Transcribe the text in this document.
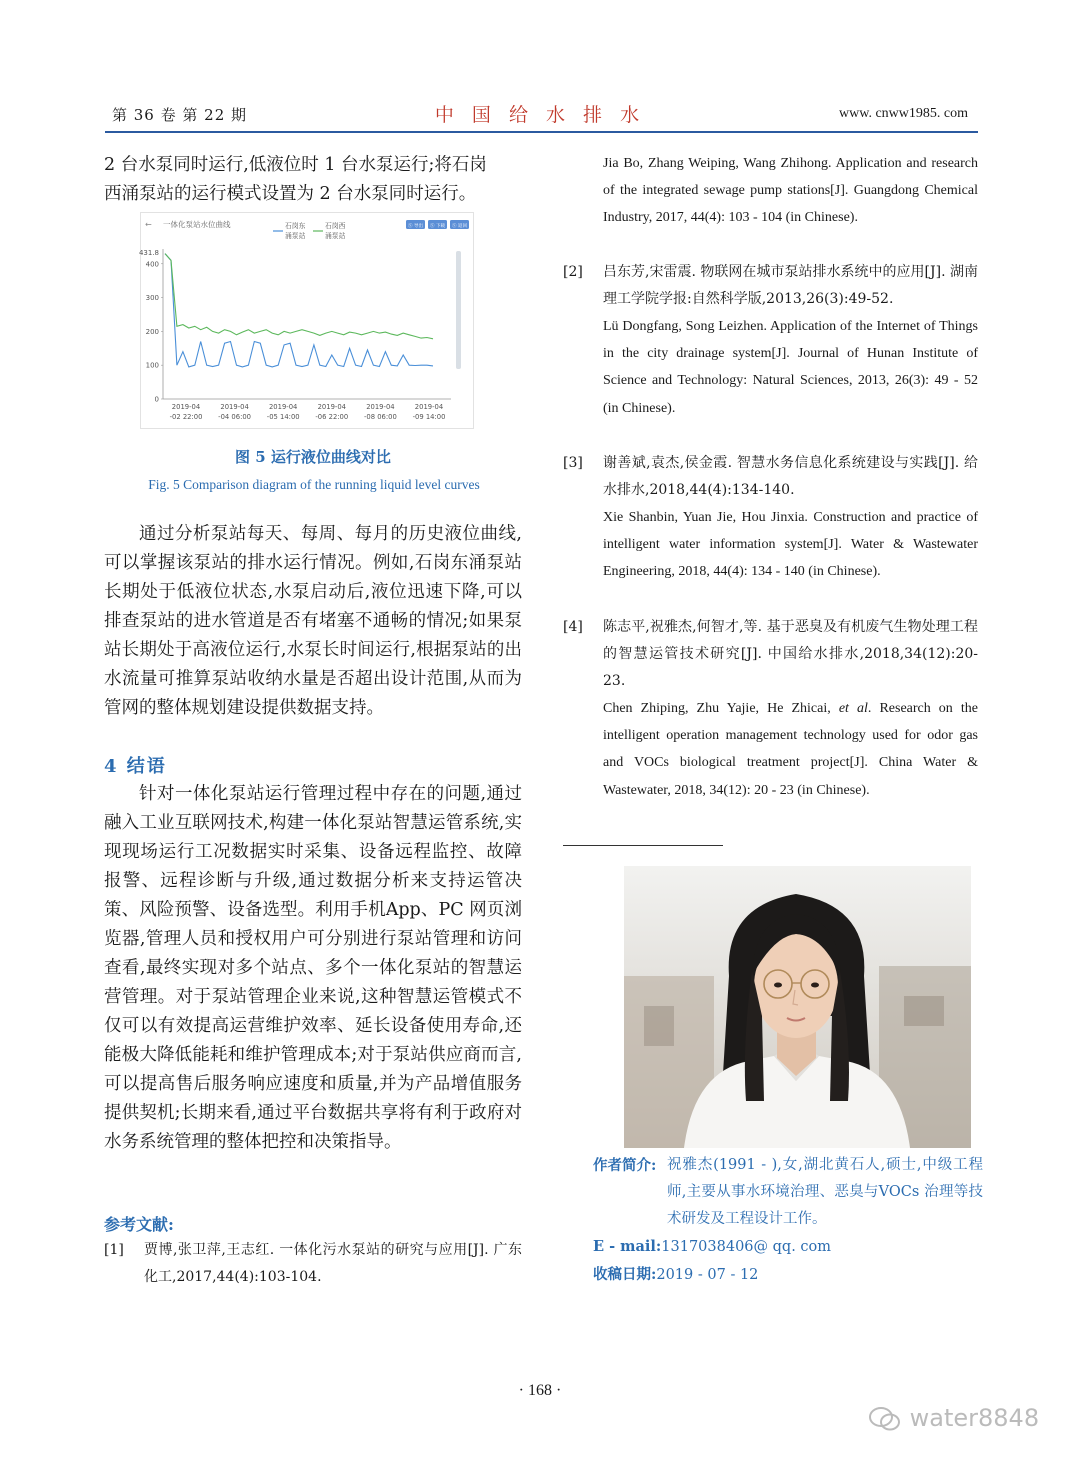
第 36 卷 第 22 期	中 国 给 水 排 水	www. cnww1985. com
2 台水泵同时运行,低液位时 1 台水泵运行;将石岗
西涌泵站的运行模式设置为 2 台水泵同时运行。
← 一体化泵站水位曲线	石岗东
涌泵站
石岗西
涌泵站
Ⓢ 导出 Ⓢ 下载 Ⓢ 返回
431.8
400
300
200
100
0
2019-04
-02 22:00
2019-04
-04 06:00
2019-04
-05 14:00
2019-04
-06 22:00
2019-04
-08 06:00
2019-04
-09 14:00
图 5 运行液位曲线对比
Fig. 5 Comparison diagram of the running liquid level curves

通过分析泵站每天、每周、每月的历史液位曲线,可以掌握该泵站的排水运行情况。例如,石岗东涌泵站长期处于低液位状态,水泵启动后,液位迅速下降,可以排查泵站的进水管道是否有堵塞不通畅的情况;如果泵站长期处于高液位运行,水泵长时间运行,根据泵站的出水流量可推算泵站收纳水量是否超出设计范围,从而为管网的整体规划建设提供数据支持。

4 结语

针对一体化泵站运行管理过程中存在的问题,通过融入工业互联网技术,构建一体化泵站智慧运管系统,实现现场运行工况数据实时采集、设备远程监控、故障报警、远程诊断与升级,通过数据分析来支持运管决策、风险预警、设备选型。利用手机App、PC 网页浏览器,管理人员和授权用户可分别进行泵站管理和访问查看,最终实现对多个站点、多个一体化泵站的智慧运营管理。对于泵站管理企业来说,这种智慧运管模式不仅可以有效提高运营维护效率、延长设备使用寿命,还能极大降低能耗和维护管理成本;对于泵站供应商而言,可以提高售后服务响应速度和质量,并为产品增值服务提供契机;长期来看,通过平台数据共享将有利于政府对水务系统管理的整体把控和决策指导。

参考文献:
[1] 贾博,张卫萍,王志红. 一体化污水泵站的研究与应用[J]. 广东化工,2017,44(4):103-104.
Jia Bo, Zhang Weiping, Wang Zhihong. Application and research of the integrated sewage pump stations[J]. Guangdong Chemical Industry, 2017, 44(4): 103 - 104 (in Chinese).
[2] 吕东芳,宋雷震. 物联网在城市泵站排水系统中的应用[J]. 湖南理工学院学报:自然科学版,2013,26(3):49-52.
Lü Dongfang, Song Leizhen. Application of the Internet of Things in the city drainage system[J]. Journal of Hunan Institute of Science and Technology: Natural Sciences, 2013, 26(3): 49 - 52 (in Chinese).
[3] 谢善斌,袁杰,侯金霞. 智慧水务信息化系统建设与实践[J]. 给水排水,2018,44(4):134-140.
Xie Shanbin, Yuan Jie, Hou Jinxia. Construction and practice of intelligent water information system[J]. Water & Wastewater Engineering, 2018, 44(4): 134 - 140 (in Chinese).
[4] 陈志平,祝雅杰,何智才,等. 基于恶臭及有机废气生物处理工程的智慧运管技术研究[J]. 中国给水排水,2018,34(12):20-23.
Chen Zhiping, Zhu Yajie, He Zhicai, et al. Research on the intelligent operation management technology used for odor gas and VOCs biological treatment project[J]. China Water & Wastewater, 2018, 34(12): 20 - 23 (in Chinese).
作者简介: 祝雅杰(1991 - ),女,湖北黄石人,硕士,中级工程师,主要从事水环境治理、恶臭与VOCs 治理等技术研发及工程设计工作。
E - mail:1317038406@ qq. com
收稿日期:2019 - 07 - 12
· 168 ·
water8848
